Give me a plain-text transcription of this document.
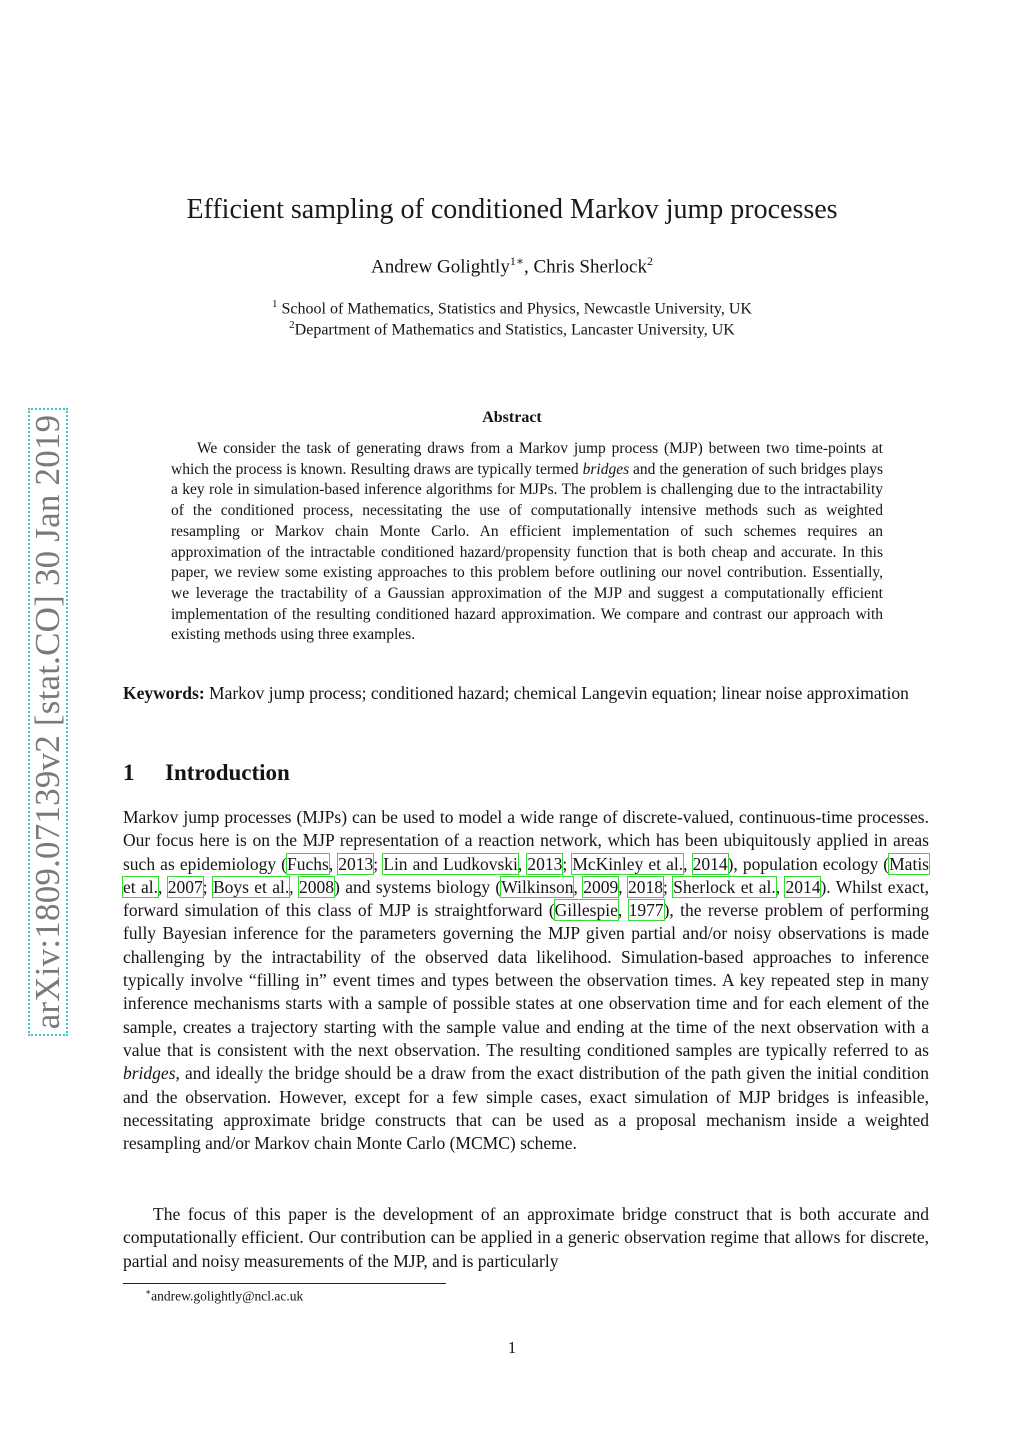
arXiv:1809.07139v2 [stat.CO] 30 Jan 2019
Efficient sampling of conditioned Markov jump processes
Andrew Golightly$^{1∗}$, Chris Sherlock$^2$
$^1$ School of Mathematics, Statistics and Physics, Newcastle University, UK
$^2$Department of Mathematics and Statistics, Lancaster University, UK
Abstract

We consider the task of generating draws from a Markov jump process (MJP) between two time-points at which the process is known. Resulting draws are typically termed bridges and the generation of such bridges plays a key role in simulation-based inference algorithms for MJPs. The problem is challenging due to the intractability of the conditioned process, necessitating the use of computationally intensive methods such as weighted resampling or Markov chain Monte Carlo. An efficient implementation of such schemes requires an approximation of the intractable conditioned hazard/propensity function that is both cheap and accurate. In this paper, we review some existing approaches to this problem before outlining our novel contribution. Essentially, we leverage the tractability of a Gaussian approximation of the MJP and suggest a computationally efficient implementation of the resulting conditioned hazard approximation. We compare and contrast our approach with existing methods using three examples.

Keywords: Markov jump process; conditioned hazard; chemical Langevin equation; linear noise approximation

1 Introduction

Markov jump processes (MJPs) can be used to model a wide range of discrete-valued, continuous-time processes. Our focus here is on the MJP representation of a reaction network, which has been ubiquitously applied in areas such as epidemiology (Fuchs, 2013; Lin and Ludkovski, 2013; McKinley et al., 2014), population ecology (Matis et al., 2007; Boys et al., 2008) and systems biology (Wilkinson, 2009, 2018; Sherlock et al., 2014). Whilst exact, forward simulation of this class of MJP is straightforward (Gillespie, 1977), the reverse problem of performing fully Bayesian inference for the parameters governing the MJP given partial and/or noisy observations is made challenging by the intractability of the observed data likelihood. Simulation-based approaches to inference typically involve “filling in” event times and types between the observation times. A key repeated step in many inference mechanisms starts with a sample of possible states at one observation time and for each element of the sample, creates a trajectory starting with the sample value and ending at the time of the next observation with a value that is consistent with the next observation. The resulting conditioned samples are typically referred to as bridges, and ideally the bridge should be a draw from the exact distribution of the path given the initial condition and the observation. However, except for a few simple cases, exact simulation of MJP bridges is infeasible, necessitating approximate bridge constructs that can be used as a proposal mechanism inside a weighted resampling and/or Markov chain Monte Carlo (MCMC) scheme.

The focus of this paper is the development of an approximate bridge construct that is both accurate and computationally efficient. Our contribution can be applied in a generic observation regime that allows for discrete, partial and noisy measurements of the MJP, and is particularly

∗andrew.golightly@ncl.ac.uk
1
